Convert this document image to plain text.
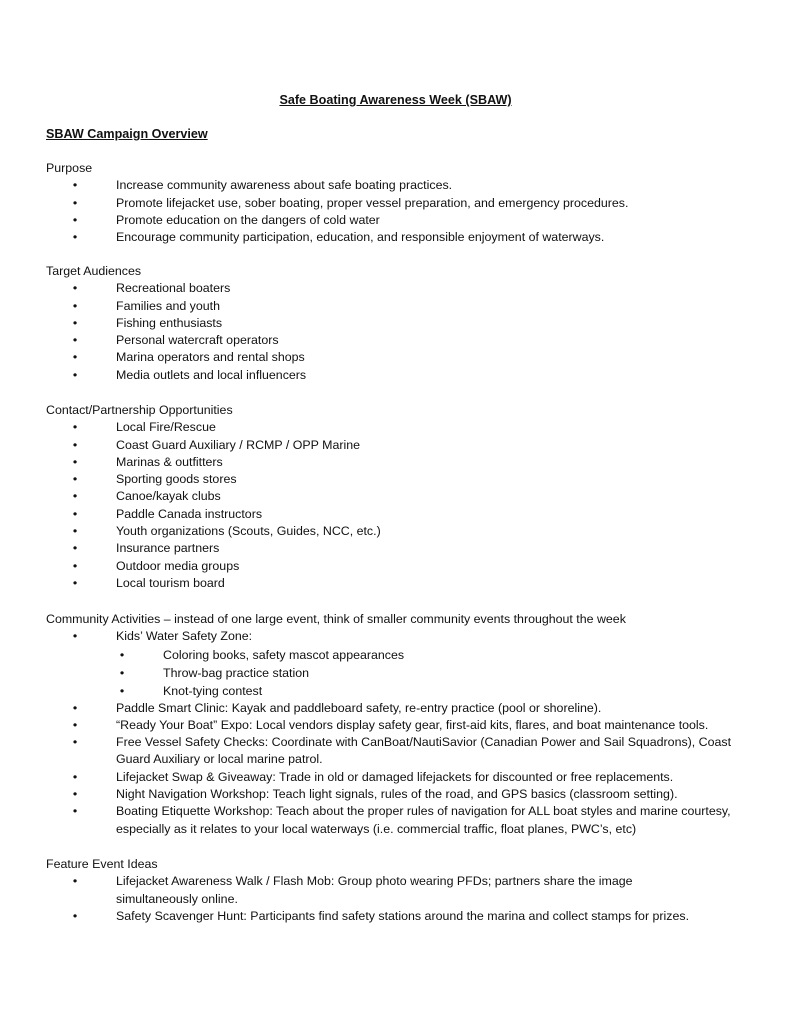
Safe Boating Awareness Week (SBAW)
SBAW Campaign Overview
Purpose
•	Increase community awareness about safe boating practices.
•	Promote lifejacket use, sober boating, proper vessel preparation, and emergency procedures.
•	Promote education on the dangers of cold water
•	Encourage community participation, education, and responsible enjoyment of waterways.
Target Audiences
•	Recreational boaters
•	Families and youth
•	Fishing enthusiasts
•	Personal watercraft operators
•	Marina operators and rental shops
•	Media outlets and local influencers
Contact/Partnership Opportunities
•	Local Fire/Rescue
•	Coast Guard Auxiliary / RCMP / OPP Marine
•	Marinas & outfitters
•	Sporting goods stores
•	Canoe/kayak clubs
•	Paddle Canada instructors
•	Youth organizations (Scouts, Guides, NCC, etc.)
•	Insurance partners
•	Outdoor media groups
•	Local tourism board
Community Activities – instead of one large event, think of smaller community events throughout the week
•	Kids’ Water Safety Zone:
•	Coloring books, safety mascot appearances
•	Throw-bag practice station
•	Knot-tying contest
•	Paddle Smart Clinic: Kayak and paddleboard safety, re-entry practice (pool or shoreline).
•	“Ready Your Boat” Expo: Local vendors display safety gear, first-aid kits, flares, and boat maintenance tools.
•	Free Vessel Safety Checks: Coordinate with CanBoat/NautiSavior (Canadian Power and Sail Squadrons), Coast Guard Auxiliary or local marine patrol.
•	Lifejacket Swap & Giveaway: Trade in old or damaged lifejackets for discounted or free replacements.
•	Night Navigation Workshop: Teach light signals, rules of the road, and GPS basics (classroom setting).
•	Boating Etiquette Workshop: Teach about the proper rules of navigation for ALL boat styles and marine courtesy, especially as it relates to your local waterways (i.e. commercial traffic, float planes, PWC’s, etc)
Feature Event Ideas
•	Lifejacket Awareness Walk / Flash Mob: Group photo wearing PFDs; partners share the image simultaneously online.
•	Safety Scavenger Hunt: Participants find safety stations around the marina and collect stamps for prizes.
